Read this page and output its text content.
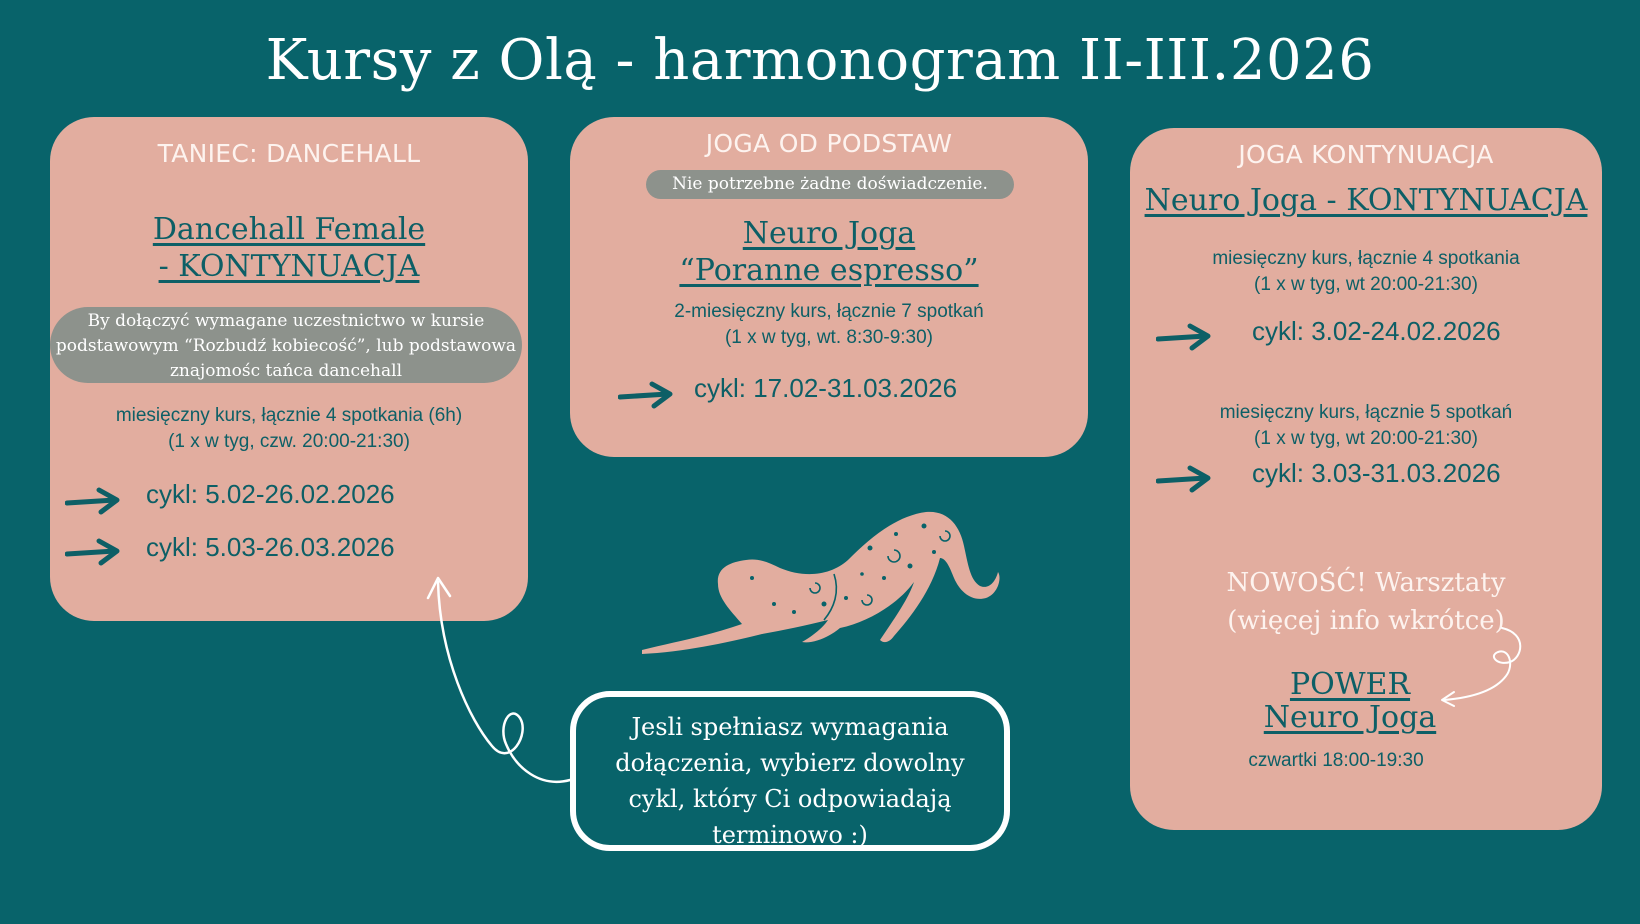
Kursy z Olą - harmonogram II-III.2026
TANIEC: DANCEHALL
Dancehall Female
- KONTYNUACJA
By dołączyć wymagane uczestnictwo w kursie
podstawowym “Rozbudź kobiecość”, lub podstawowa
znajomośc tańca dancehall
miesięczny kurs, łącznie 4 spotkania (6h)
(1 x w tyg, czw. 20:00-21:30)
cykl: 5.02-26.02.2026
cykl: 5.03-26.03.2026
JOGA OD PODSTAW
Nie potrzebne żadne doświadczenie.
Neuro Joga
“Poranne espresso”
2-miesięczny kurs, łącznie 7 spotkań
(1 x w tyg, wt. 8:30-9:30)
cykl: 17.02-31.03.2026
JOGA KONTYNUACJA
Neuro Joga - KONTYNUACJA
miesięczny kurs, łącznie 4 spotkania
(1 x w tyg, wt 20:00-21:30)
cykl: 3.02-24.02.2026
miesięczny kurs, łącznie 5 spotkań
(1 x w tyg, wt 20:00-21:30)
cykl: 3.03-31.03.2026
NOWOŚĆ! Warsztaty
(więcej info wkrótce)
POWER
Neuro Joga
czwartki 18:00-19:30
Jesli spełniasz wymagania
dołączenia, wybierz dowolny
cykl, który Ci odpowiadają
terminowo :)
